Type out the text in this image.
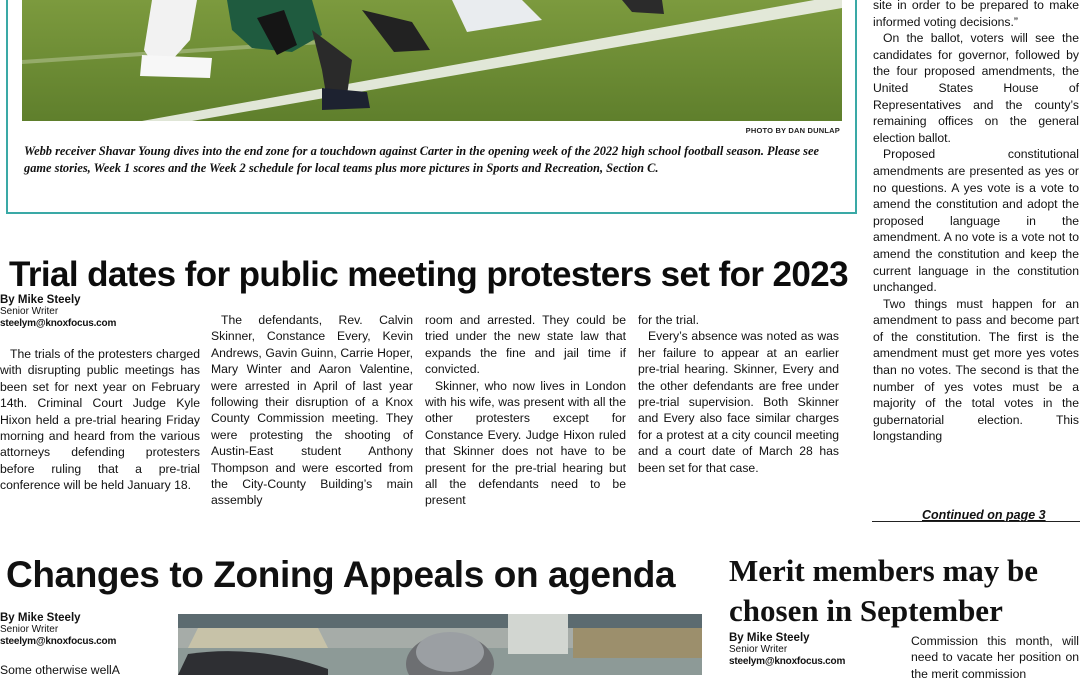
PHOTO BY DAN DUNLAP
Webb receiver Shavar Young dives into the end zone for a touchdown against Carter in the opening week of the 2022 high school football season. Please see game stories, Week 1 scores and the Week 2 schedule for local teams plus more pictures in Sports and Recreation, Section C.

site in order to be prepared to make informed voting decisions.”

On the ballot, voters will see the candidates for governor, followed by the four proposed amendments, the United States House of Representatives and the county’s remaining offices on the general election ballot.

Proposed constitutional amendments are presented as yes or no questions. A yes vote is a vote to amend the constitution and adopt the proposed language in the amendment. A no vote is a vote not to amend the constitution and keep the current language in the constitution unchanged.

Two things must happen for an amendment to pass and become part of the constitution. The first is the amendment must get more yes votes than no votes. The second is that the number of yes votes must be a majority of the total votes in the gubernatorial election. This longstanding

Continued on page 3
Trial dates for public meeting protesters set for 2023
By Mike Steely
Senior Writer
steelym@knoxfocus.com

The trials of the protesters charged with disrupting public meetings has been set for next year on February 14th. Criminal Court Judge Kyle Hixon held a pre-trial hearing Friday morning and heard from the various attorneys defending protesters before ruling that a pre-trial conference will be held January 18.

The defendants, Rev. Calvin Skinner, Constance Every, Kevin Andrews, Gavin Guinn, Carrie Hoper, Mary Winter and Aaron Valentine, were arrested in April of last year following their disruption of a Knox County Commission meeting. They were protesting the shooting of Austin-East student Anthony Thompson and were escorted from the City-County Building’s main assembly

room and arrested. They could be tried under the new state law that expands the fine and jail time if convicted.

Skinner, who now lives in London with his wife, was present with all the other protesters except for Constance Every. Judge Hixon ruled that Skinner does not have to be present for the pre-trial hearing but all the defendants need to be present

for the trial.

Every’s absence was noted as was her failure to appear at an earlier pre-trial hearing. Skinner, Every and the other defendants are free under pre-trial supervision. Both Skinner and Every also face similar charges for a protest at a city council meeting and a court date of March 28 has been set for that case.

Changes to Zoning Appeals on agenda
By Mike Steely
Senior Writer
steelym@knoxfocus.com
Some otherwise wellA
Merit members may be chosen in September
By Mike Steely
Senior Writer
steelym@knoxfocus.com
Commission this month, will need to vacate her position on the merit commission
